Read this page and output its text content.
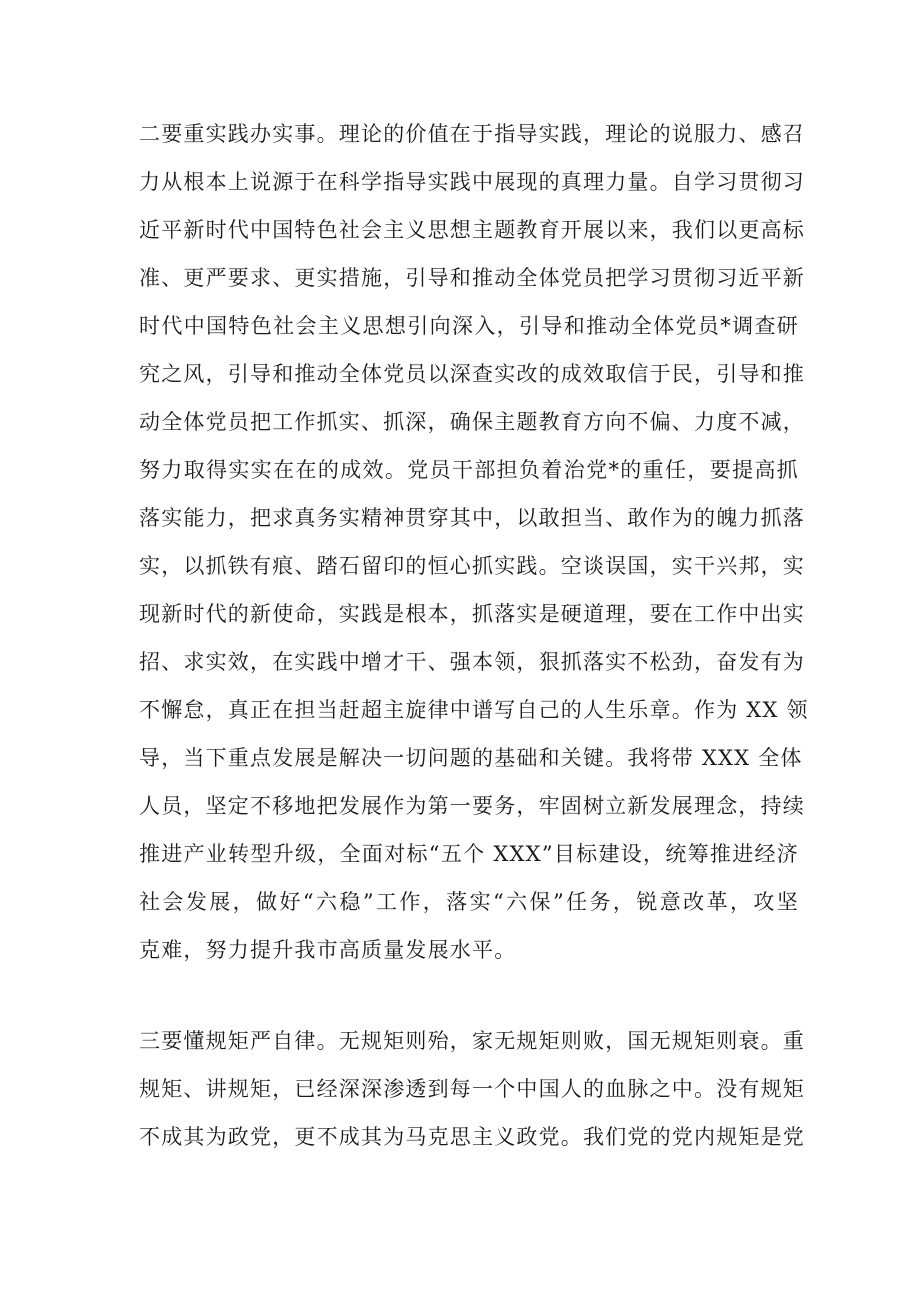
二要重实践办实事。理论的价值在于指导实践，理论的说服力、感召
力从根本上说源于在科学指导实践中展现的真理力量。自学习贯彻习
近平新时代中国特色社会主义思想主题教育开展以来，我们以更高标
准、更严要求、更实措施，引导和推动全体党员把学习贯彻习近平新
时代中国特色社会主义思想引向深入，引导和推动全体党员*调查研
究之风，引导和推动全体党员以深查实改的成效取信于民，引导和推
动全体党员把工作抓实、抓深，确保主题教育方向不偏、力度不减，
努力取得实实在在的成效。党员干部担负着治党*的重任，要提高抓
落实能力，把求真务实精神贯穿其中，以敢担当、敢作为的魄力抓落
实，以抓铁有痕、踏石留印的恒心抓实践。空谈误国，实干兴邦，实
现新时代的新使命，实践是根本，抓落实是硬道理，要在工作中出实
招、求实效，在实践中增才干、强本领，狠抓落实不松劲，奋发有为
不懈怠，真正在担当赶超主旋律中谱写自己的人生乐章。作为 XX 领
导，当下重点发展是解决一切问题的基础和关键。我将带 XXX 全体
人员，坚定不移地把发展作为第一要务，牢固树立新发展理念，持续
推进产业转型升级，全面对标“五个 XXX”目标建设，统筹推进经济
社会发展，做好“六稳”工作，落实“六保”任务，锐意改革，攻坚
克难，努力提升我市高质量发展水平。
三要懂规矩严自律。无规矩则殆，家无规矩则败，国无规矩则衰。重
规矩、讲规矩，已经深深渗透到每一个中国人的血脉之中。没有规矩
不成其为政党，更不成其为马克思主义政党。我们党的党内规矩是党
